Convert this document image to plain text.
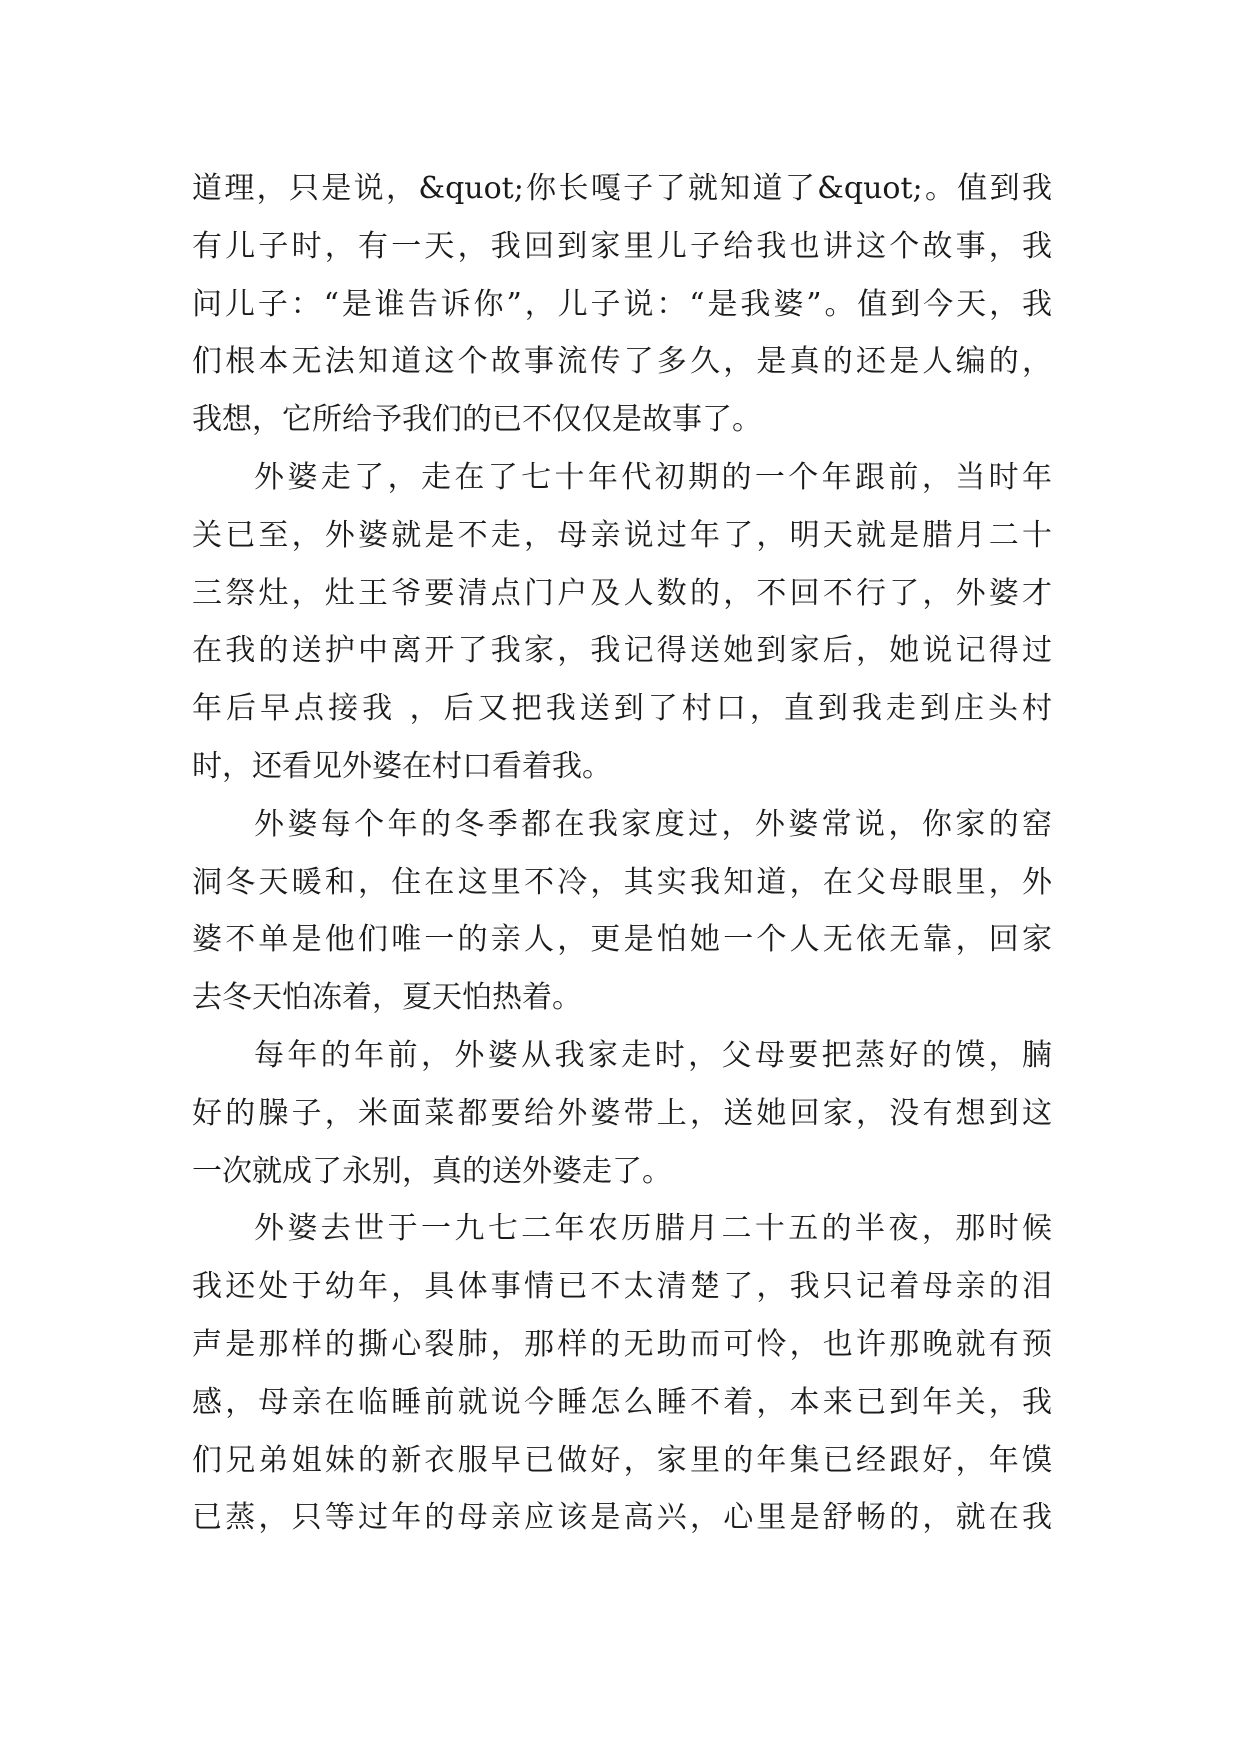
道理，只是说，&quot;你长嘎子了就知道了&quot;。值到我
有儿子时，有一天，我回到家里儿子给我也讲这个故事，我
问儿子：“是谁告诉你”，儿子说：“是我婆”。值到今天，我
们根本无法知道这个故事流传了多久，是真的还是人编的，
我想，它所给予我们的已不仅仅是故事了。
外婆走了，走在了七十年代初期的一个年跟前，当时年
关已至，外婆就是不走，母亲说过年了，明天就是腊月二十
三祭灶，灶王爷要清点门户及人数的，不回不行了，外婆才
在我的送护中离开了我家，我记得送她到家后，她说记得过
年后早点接我 ，后又把我送到了村口，直到我走到庄头村
时，还看见外婆在村口看着我。
外婆每个年的冬季都在我家度过，外婆常说，你家的窑
洞冬天暖和，住在这里不冷，其实我知道，在父母眼里，外
婆不单是他们唯一的亲人，更是怕她一个人无依无靠，回家
去冬天怕冻着，夏天怕热着。
每年的年前，外婆从我家走时，父母要把蒸好的馍，腩
好的臊子，米面菜都要给外婆带上，送她回家，没有想到这
一次就成了永别，真的送外婆走了。
外婆去世于一九七二年农历腊月二十五的半夜，那时候
我还处于幼年，具体事情已不太清楚了，我只记着母亲的泪
声是那样的撕心裂肺，那样的无助而可怜，也许那晚就有预
感，母亲在临睡前就说今睡怎么睡不着，本来已到年关，我
们兄弟姐妹的新衣服早已做好，家里的年集已经跟好，年馍
已蒸，只等过年的母亲应该是高兴，心里是舒畅的，就在我
